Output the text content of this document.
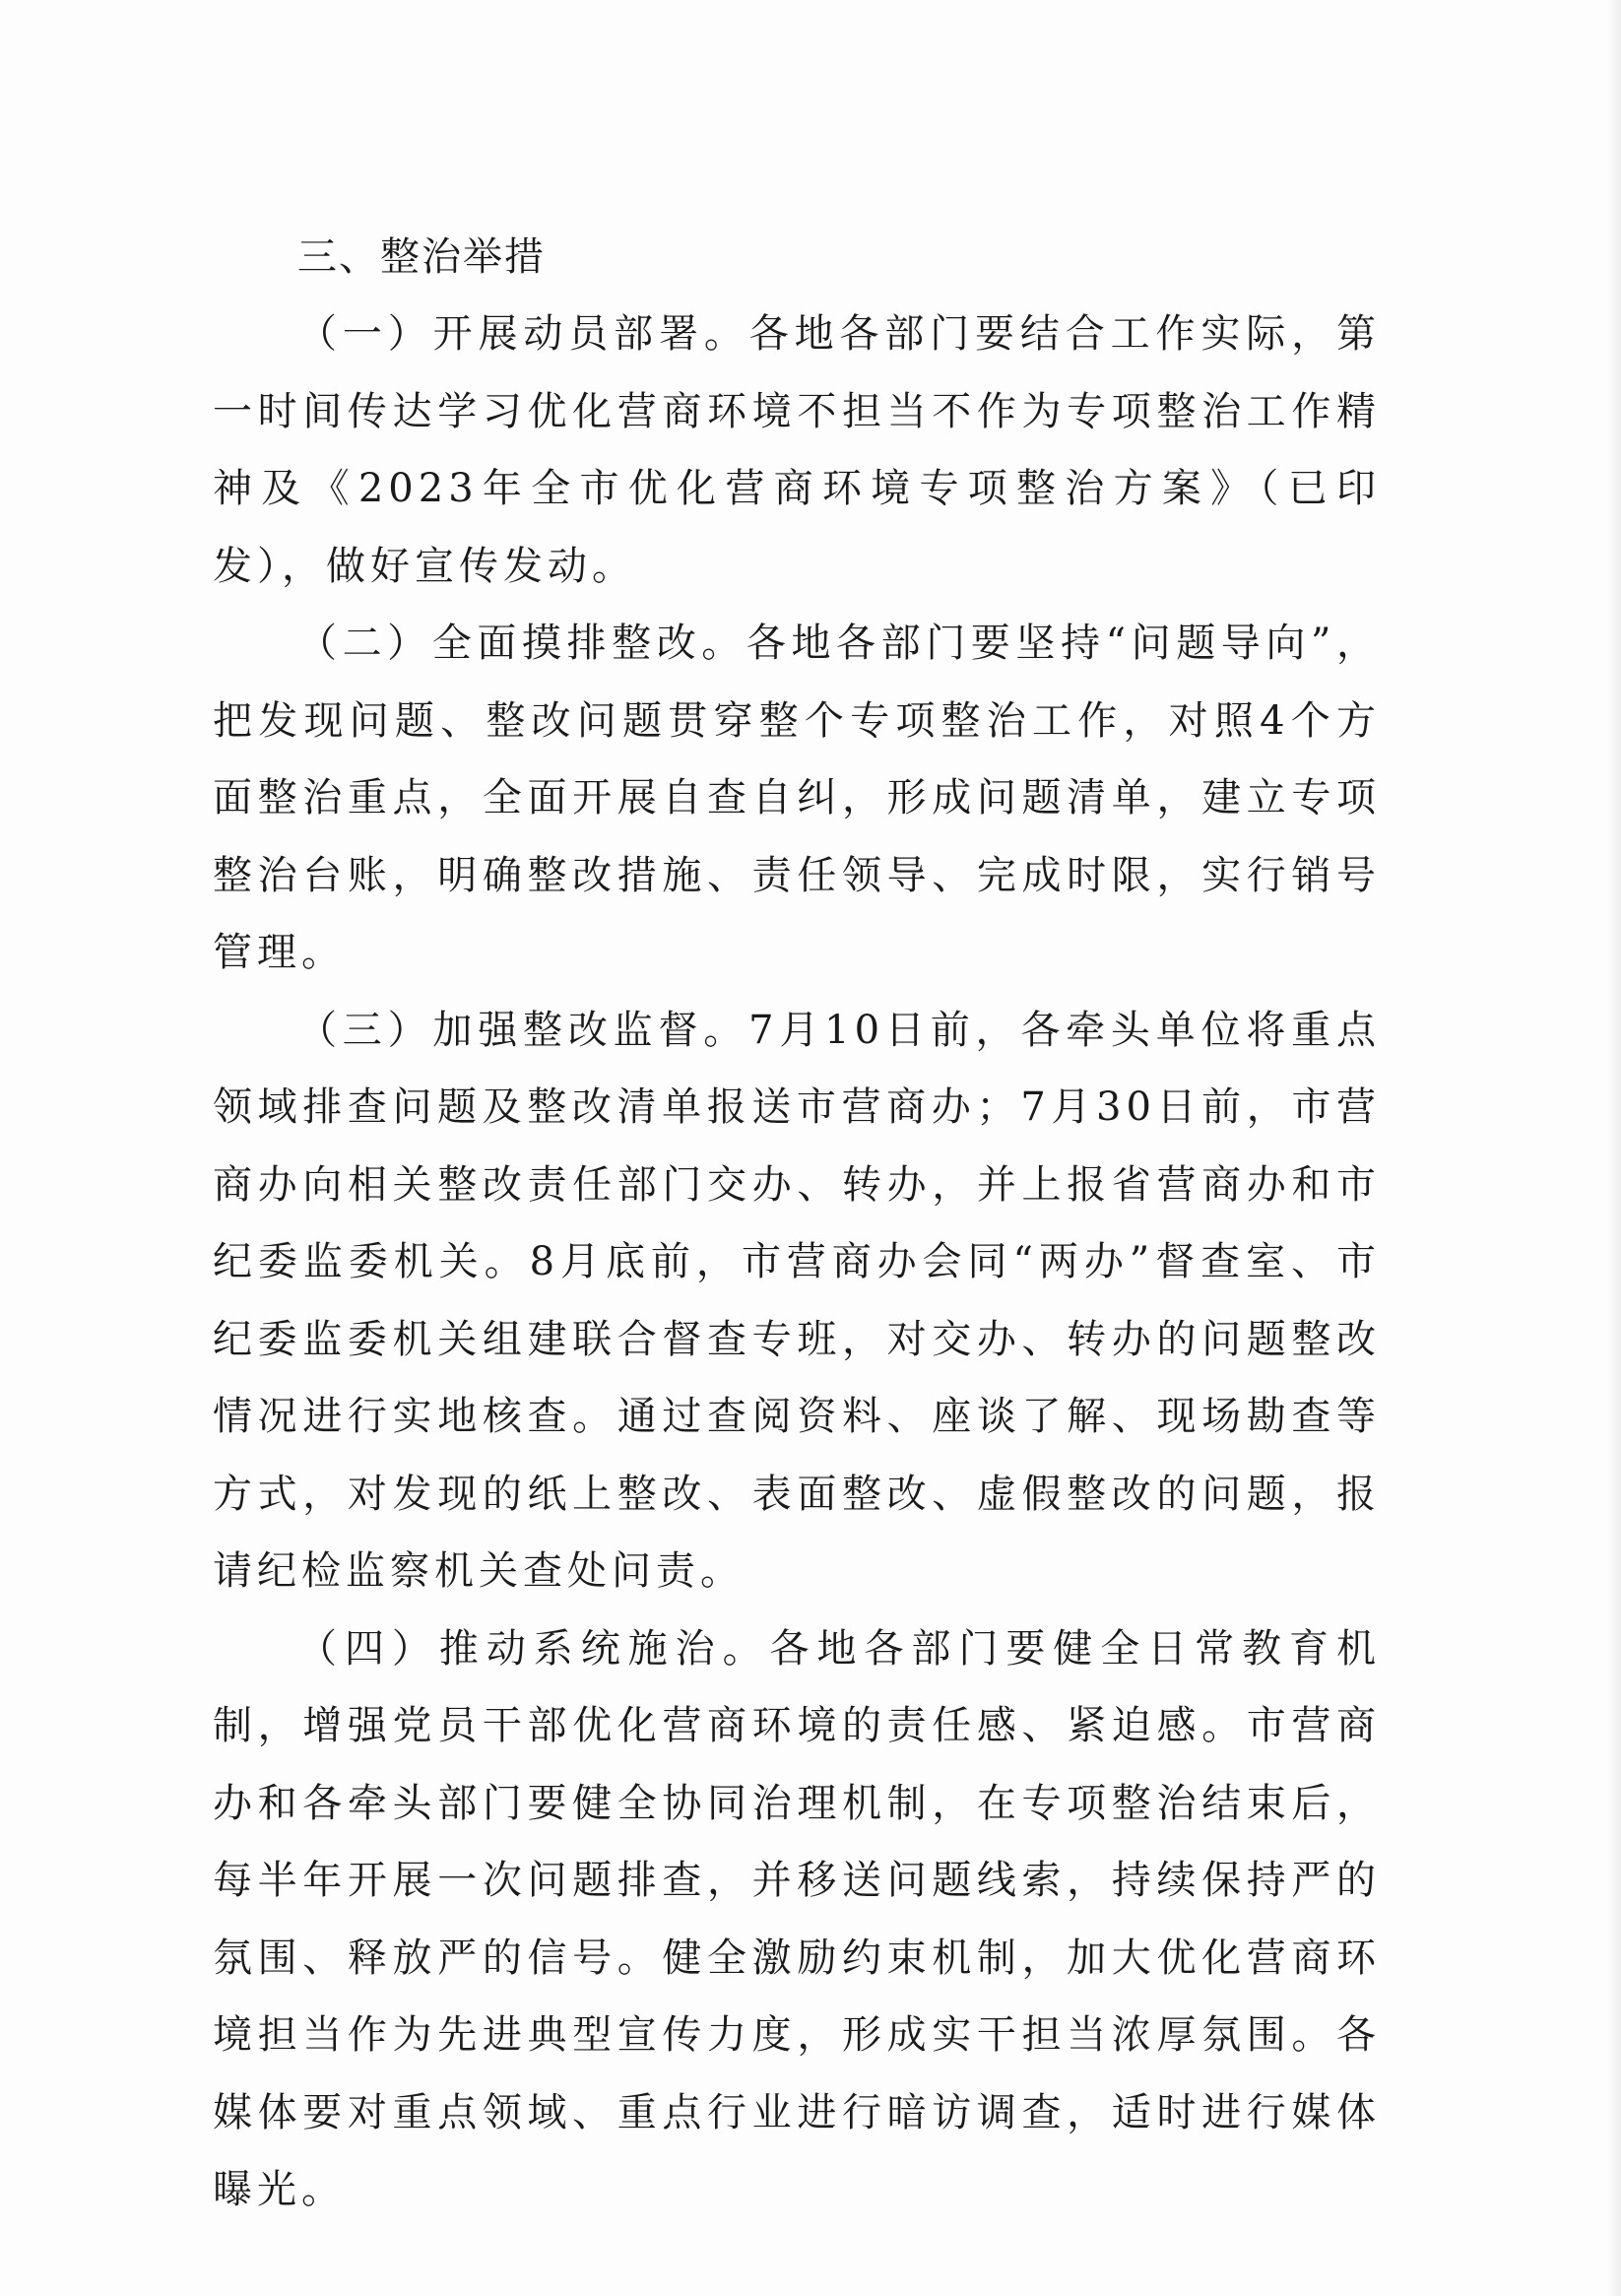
三、整治举措

（一）开展动员部署。各地各部门要结合工作实际，第一时间传达学习优化营商环境不担当不作为专项整治工作精神及《2023年全市优化营商环境专项整治方案》（已印发），做好宣传发动。

（二）全面摸排整改。各地各部门要坚持“问题导向”，把发现问题、整改问题贯穿整个专项整治工作，对照4个方面整治重点，全面开展自查自纠，形成问题清单，建立专项整治台账，明确整改措施、责任领导、完成时限，实行销号管理。

（三）加强整改监督。7月10日前，各牵头单位将重点领域排查问题及整改清单报送市营商办；7月30日前，市营商办向相关整改责任部门交办、转办，并上报省营商办和市纪委监委机关。8月底前，市营商办会同“两办”督查室、市纪委监委机关组建联合督查专班，对交办、转办的问题整改情况进行实地核查。通过查阅资料、座谈了解、现场勘查等方式，对发现的纸上整改、表面整改、虚假整改的问题，报请纪检监察机关查处问责。

（四）推动系统施治。各地各部门要健全日常教育机制，增强党员干部优化营商环境的责任感、紧迫感。市营商办和各牵头部门要健全协同治理机制，在专项整治结束后，每半年开展一次问题排查，并移送问题线索，持续保持严的氛围、释放严的信号。健全激励约束机制，加大优化营商环境担当作为先进典型宣传力度，形成实干担当浓厚氛围。各媒体要对重点领域、重点行业进行暗访调查，适时进行媒体曝光。
